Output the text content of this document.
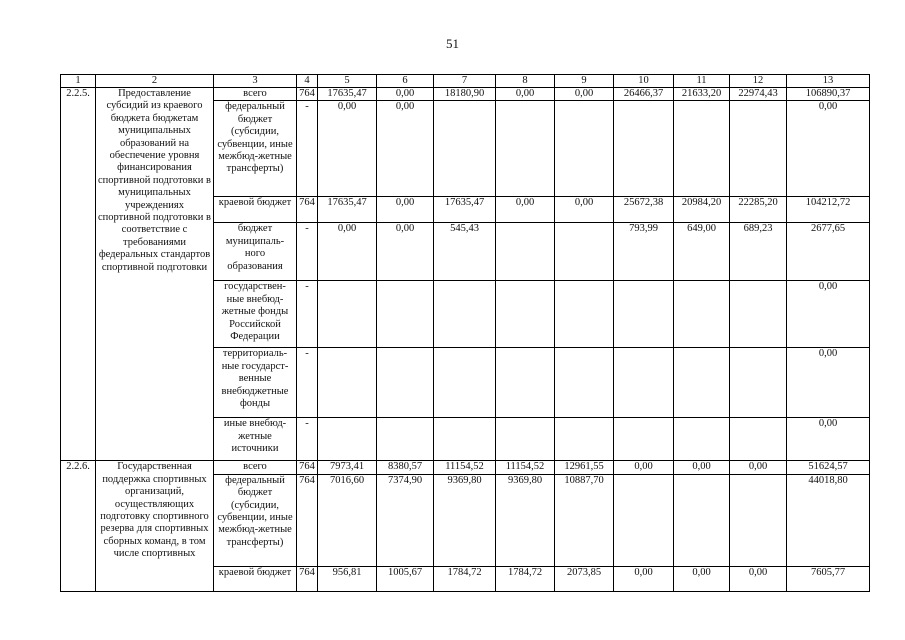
51
1	2	3	4	5	6	7	8	9	10	11	12	13
2.2.5.	Предоставление субсидий из краевого бюджета бюджетам муниципальных образований на обеспечение уровня финансирования спортивной подготовки в муниципальных учреждениях спортивной подготовки в соответствие с требованиями федеральных стандартов спортивной подготовки	всего	764	17635,47	0,00	18180,90	0,00	0,00	26466,37	21633,20	22974,43	106890,37
		федеральный бюджет (субсидии, субвенции, иные межбюд-жетные трансферты)	-	0,00	0,00							0,00
		краевой бюджет	764	17635,47	0,00	17635,47	0,00	0,00	25672,38	20984,20	22285,20	104212,72
		бюджет муниципаль-ного образования	-	0,00	0,00	545,43			793,99	649,00	689,23	2677,65
		государствен-ные внебюд-жетные фонды Российской Федерации	-									0,00
		территориаль-ные государст-венные внебюджетные фонды	-									0,00
		иные внебюд-жетные источники	-									0,00
2.2.6.	Государственная поддержка спортивных организаций, осуществляющих подготовку спортивного резерва для спортивных сборных команд, в том числе спортивных	всего	764	7973,41	8380,57	11154,52	11154,52	12961,55	0,00	0,00	0,00	51624,57
		федеральный бюджет (субсидии, субвенции, иные межбюд-жетные трансферты)	764	7016,60	7374,90	9369,80	9369,80	10887,70				44018,80
		краевой бюджет	764	956,81	1005,67	1784,72	1784,72	2073,85	0,00	0,00	0,00	7605,77
